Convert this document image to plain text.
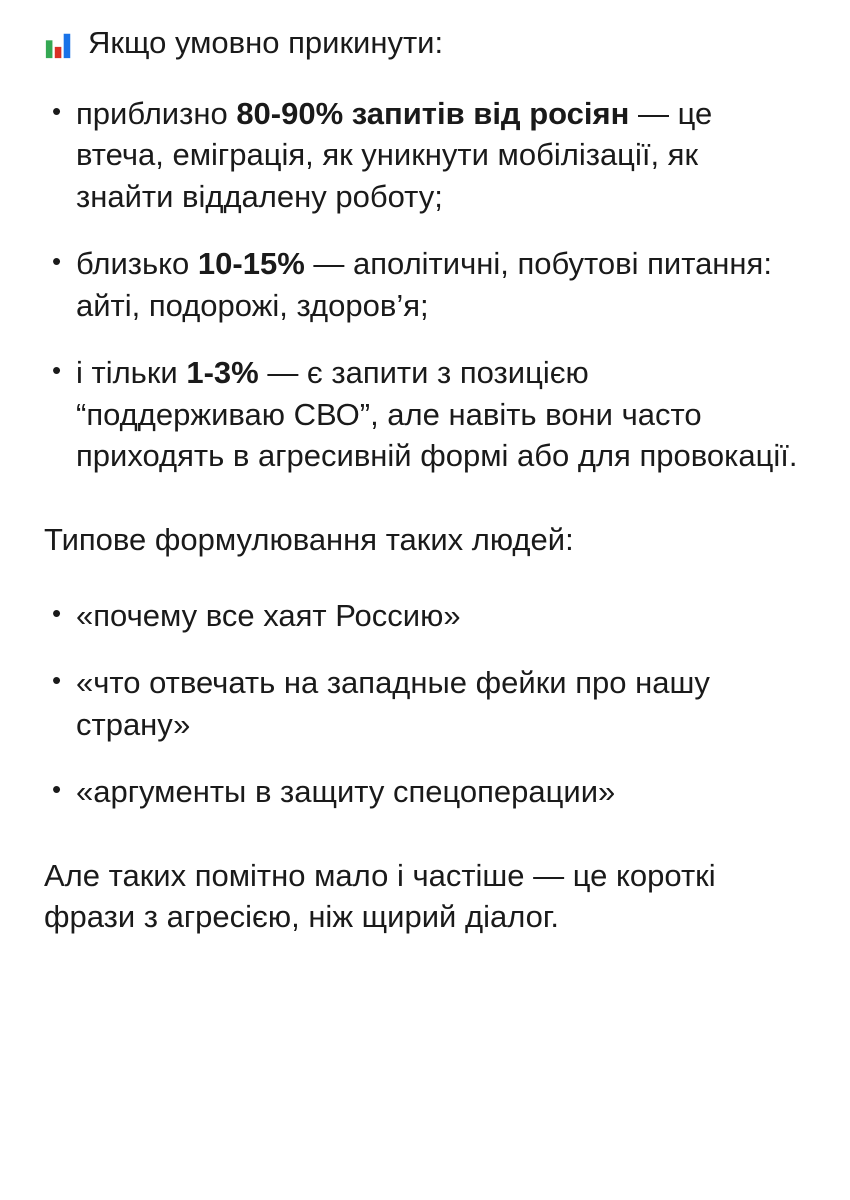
Якщо умовно прикинути:
• приблизно 80-90% запитів від росіян — це втеча, еміграція, як уникнути мобілізації, як знайти віддалену роботу;
• близько 10-15% — аполітичні, побутові питання: айті, подорожі, здоров’я;
• і тільки 1-3% — є запити з позицією “поддерживаю СВО”, але навіть вони часто приходять в агресивній формі або для провокації.

Типове формулювання таких людей:

• «почему все хаят Россию»
• «что отвечать на западные фейки про нашу страну»
• «аргументы в защиту спецоперации»

Але таких помітно мало і частіше — це короткі фрази з агресією, ніж щирий діалог.
